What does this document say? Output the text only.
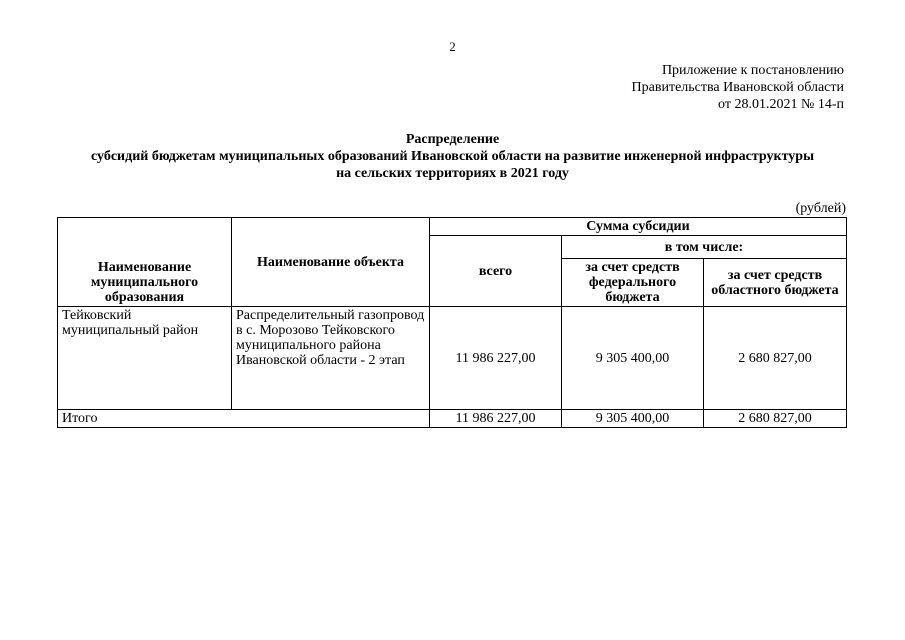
2
Приложение к постановлению
Правительства Ивановской области
от 28.01.2021 № 14-п
Распределение
субсидий бюджетам муниципальных образований Ивановской области на развитие инженерной инфраструктуры
на сельских территориях в 2021 году
(рублей)
Наименование муниципального образования	Наименование объекта	Сумма субсидии		
		всего	в том числе:	
			за счет средств федерального бюджета	за счет средств областного бюджета
Тейковский муниципальный район	Распределительный газопровод в с. Морозово Тейковского муниципального района Ивановской области - 2 этап	11 986 227,00	9 305 400,00	2 680 827,00
Итого		11 986 227,00	9 305 400,00	2 680 827,00
